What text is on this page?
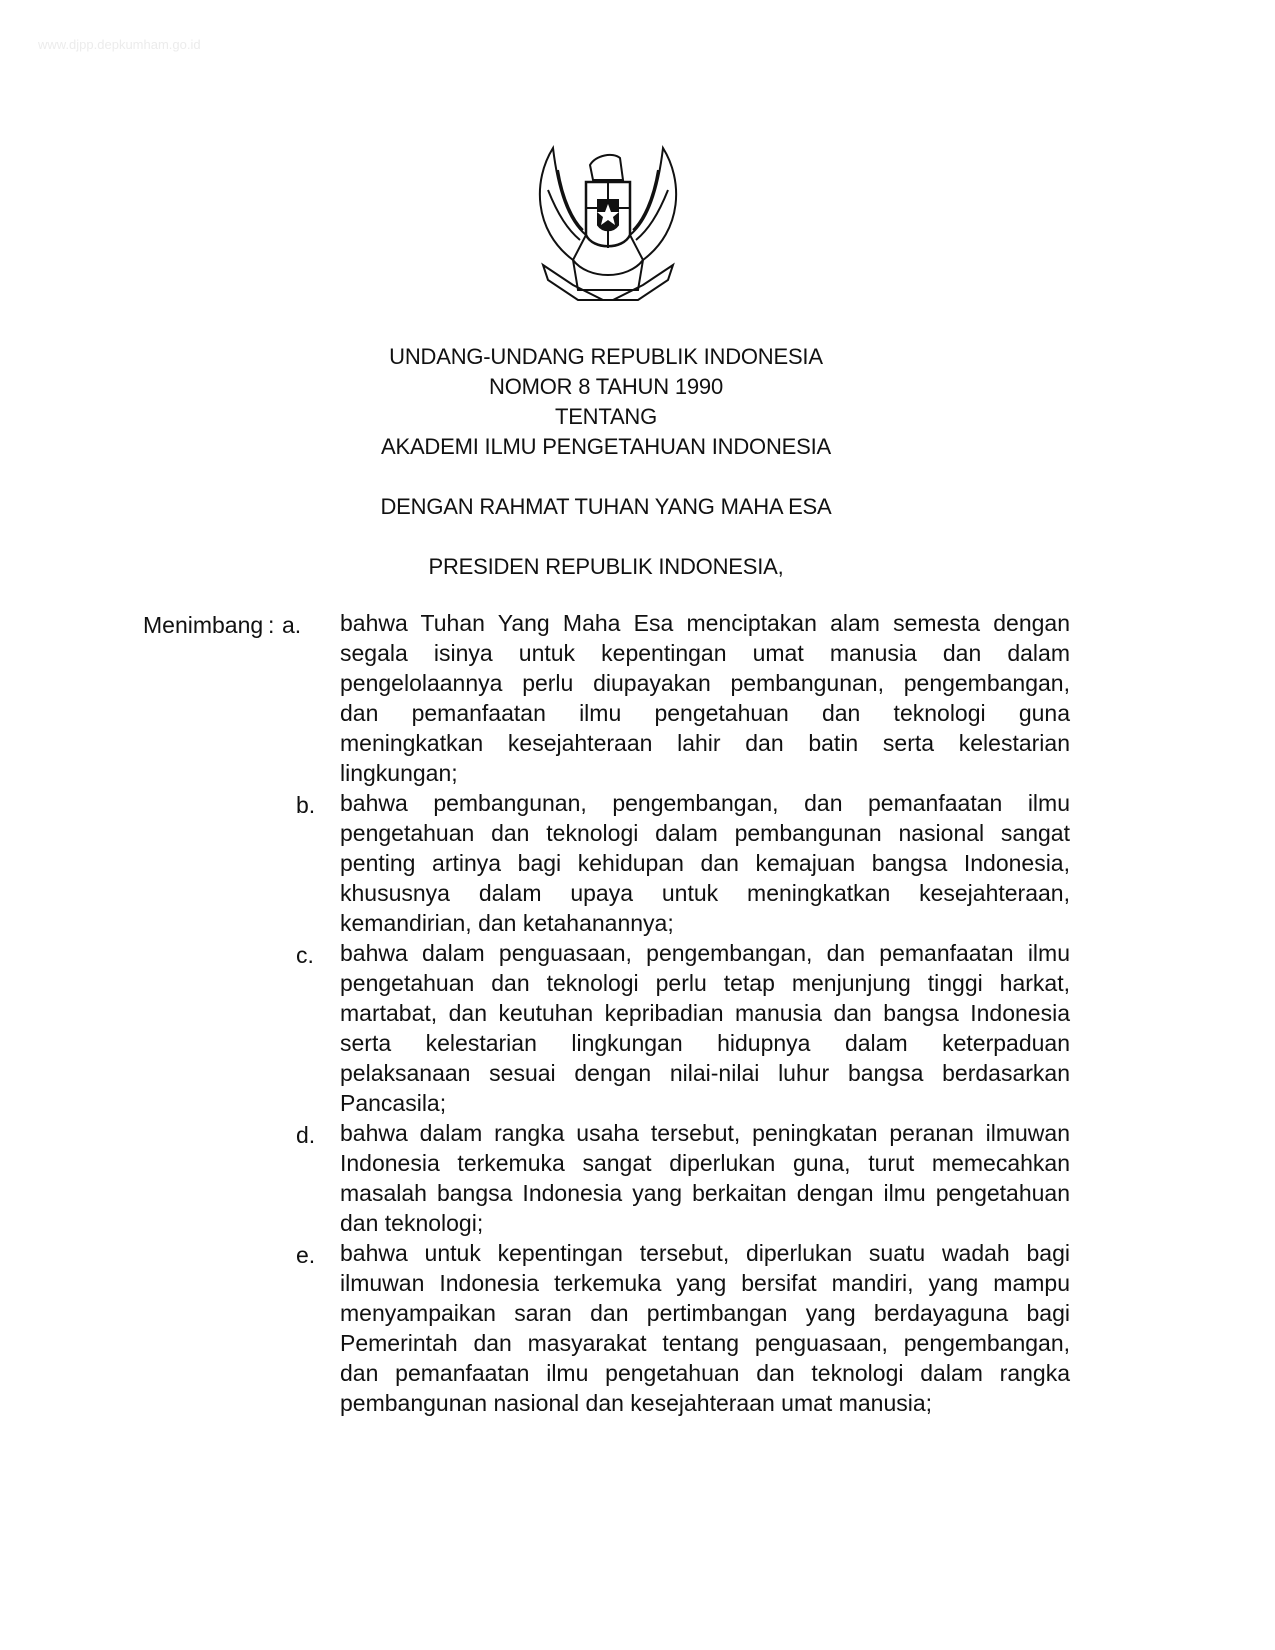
www.djpp.depkumham.go.id
UNDANG-UNDANG REPUBLIK INDONESIA
NOMOR 8 TAHUN 1990
TENTANG
AKADEMI ILMU PENGETAHUAN INDONESIA
DENGAN RAHMAT TUHAN YANG MAHA ESA
PRESIDEN REPUBLIK INDONESIA,
Menimbang : a. bahwa Tuhan Yang Maha Esa menciptakan alam semesta dengan
segala isinya untuk kepentingan umat manusia dan dalam
pengelolaannya perlu diupayakan pembangunan, pengembangan,
dan pemanfaatan ilmu pengetahuan dan teknologi guna
meningkatkan kesejahteraan lahir dan batin serta kelestarian
lingkungan;
b. bahwa pembangunan, pengembangan, dan pemanfaatan ilmu
pengetahuan dan teknologi dalam pembangunan nasional sangat
penting artinya bagi kehidupan dan kemajuan bangsa Indonesia,
khususnya dalam upaya untuk meningkatkan kesejahteraan,
kemandirian, dan ketahanannya;
c. bahwa dalam penguasaan, pengembangan, dan pemanfaatan ilmu
pengetahuan dan teknologi perlu tetap menjunjung tinggi harkat,
martabat, dan keutuhan kepribadian manusia dan bangsa Indonesia
serta kelestarian lingkungan hidupnya dalam keterpaduan
pelaksanaan sesuai dengan nilai-nilai luhur bangsa berdasarkan
Pancasila;
d. bahwa dalam rangka usaha tersebut, peningkatan peranan ilmuwan
Indonesia terkemuka sangat diperlukan guna, turut memecahkan
masalah bangsa Indonesia yang berkaitan dengan ilmu pengetahuan
dan teknologi;
e. bahwa untuk kepentingan tersebut, diperlukan suatu wadah bagi
ilmuwan Indonesia terkemuka yang bersifat mandiri, yang mampu
menyampaikan saran dan pertimbangan yang berdayaguna bagi
Pemerintah dan masyarakat tentang penguasaan, pengembangan,
dan pemanfaatan ilmu pengetahuan dan teknologi dalam rangka
pembangunan nasional dan kesejahteraan umat manusia;
